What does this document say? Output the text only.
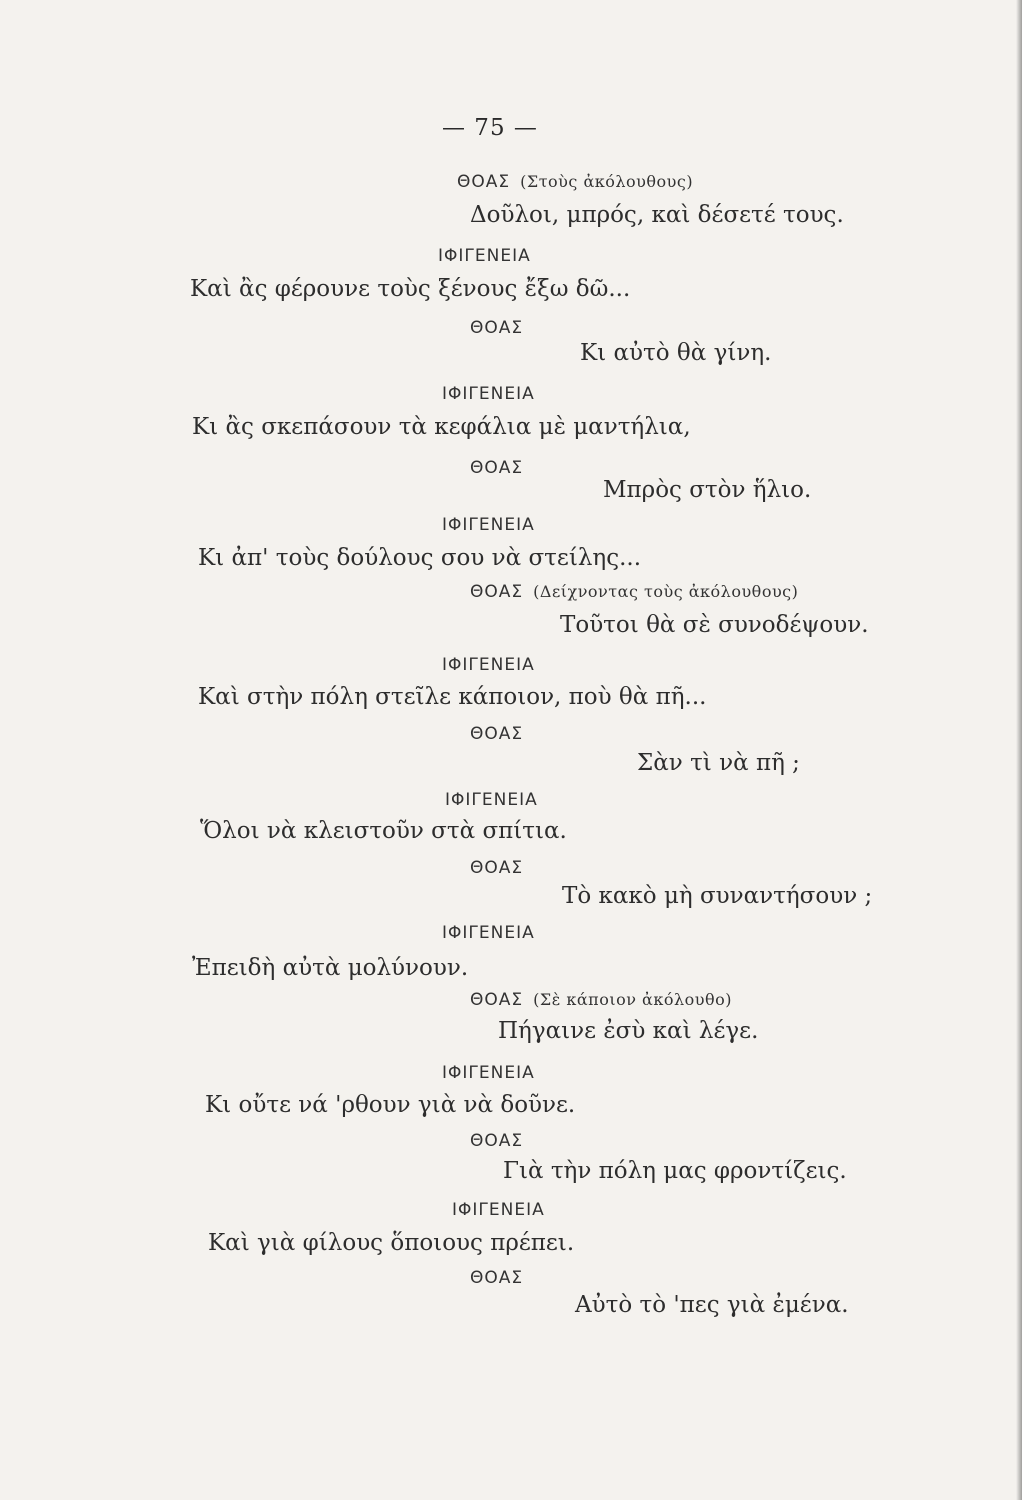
— 75 —
ΘΟΑΣ (Στοὺς ἀκόλουθους)
Δοῦλοι, μπρός, καὶ δέσετέ τους.
ΙΦΙΓΕΝΕΙΑ
Καὶ ἂς φέρουνε τοὺς ξένους ἔξω δῶ...
ΘΟΑΣ
Κι αὐτὸ θὰ γίνη.
ΙΦΙΓΕΝΕΙΑ
Κι ἂς σκεπάσουν τὰ κεφάλια μὲ μαντήλια,
ΘΟΑΣ
Μπρὸς στὸν ἥλιο.
ΙΦΙΓΕΝΕΙΑ
Κι ἀπ' τοὺς δούλους σου νὰ στείλης...
ΘΟΑΣ (Δείχνοντας τοὺς ἀκόλουθους)
Τοῦτοι θὰ σὲ συνοδέψουν.
ΙΦΙΓΕΝΕΙΑ
Καὶ στὴν πόλη στεῖλε κάποιον, ποὺ θὰ πῆ...
ΘΟΑΣ
Σὰν τὶ νὰ πῆ ;
ΙΦΙΓΕΝΕΙΑ
Ὅλοι νὰ κλειστοῦν στὰ σπίτια.
ΘΟΑΣ
Τὸ κακὸ μὴ συναντήσουν ;
ΙΦΙΓΕΝΕΙΑ
Ἐπειδὴ αὐτὰ μολύνουν.
ΘΟΑΣ (Σὲ κάποιον ἀκόλουθο)
Πήγαινε ἐσὺ καὶ λέγε.
ΙΦΙΓΕΝΕΙΑ
Κι οὔτε νά 'ρθουν γιὰ νὰ δοῦνε.
ΘΟΑΣ
Γιὰ τὴν πόλη μας φροντίζεις.
ΙΦΙΓΕΝΕΙΑ
Καὶ γιὰ φίλους ὅποιους πρέπει.
ΘΟΑΣ
Αὐτὸ τὸ 'πες γιὰ ἐμένα.
